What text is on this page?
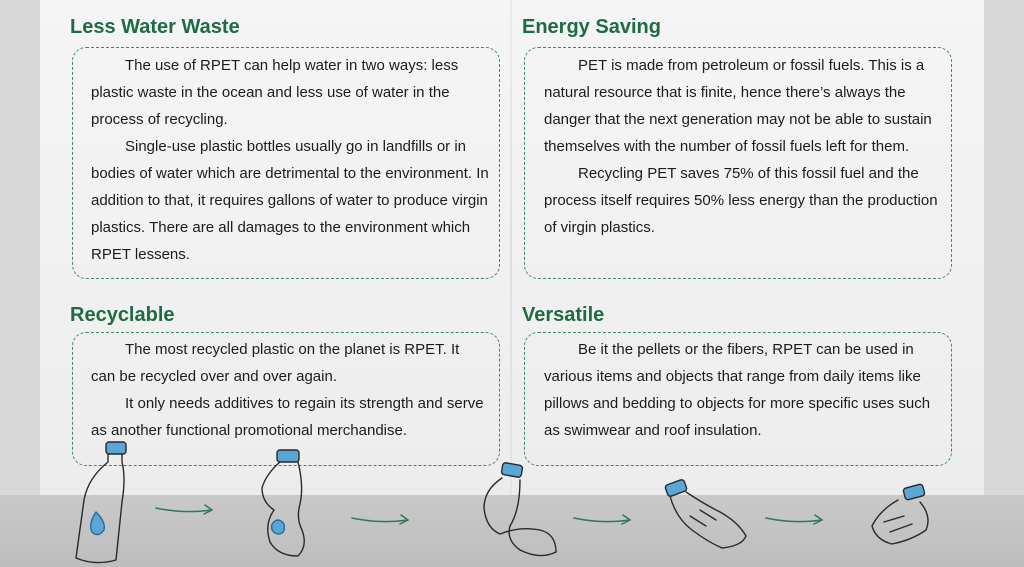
Less Water Waste

The use of RPET can help water in two ways: less plastic waste in the ocean and less use of water in the process of recycling.

Single-use plastic bottles usually go in landfills or in bodies of water which are detrimental to the environment. In addition to that, it requires gallons of water to produce virgin plastics. There are all damages to the environment which RPET lessens.

Energy Saving

PET is made from petroleum or fossil fuels. This is a natural resource that is finite, hence there’s always the danger that the next generation may not be able to sustain themselves with the number of fossil fuels left for them.

Recycling PET saves 75% of this fossil fuel and the process itself requires 50% less energy than the production of virgin plastics.

Recyclable

The most recycled plastic on the planet is RPET. It can be recycled over and over again.

It only needs additives to regain its strength and serve as another functional promotional merchandise.

Versatile

Be it the pellets or the fibers, RPET can be used in various items and objects that range from daily items like pillows and bedding to objects for more specific uses such as swimwear and roof insulation.
